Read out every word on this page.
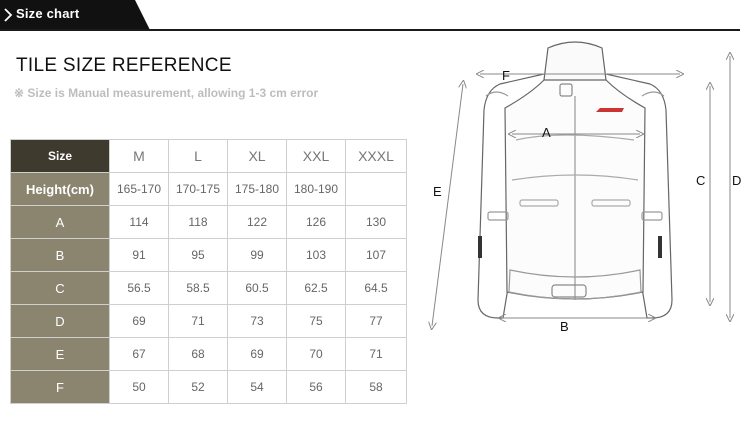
Size chart
TILE SIZE REFERENCE
※ Size is Manual measurement, allowing 1-3 cm error
Size	M	L	XL	XXL	XXXL
Height(cm)	165-170	170-175	175-180	180-190	
A	114	118	122	126	130
B	91	95	99	103	107
C	56.5	58.5	60.5	62.5	64.5
D	69	71	73	75	77
E	67	68	69	70	71
F	50	52	54	56	58
F
A
B
C D
E
